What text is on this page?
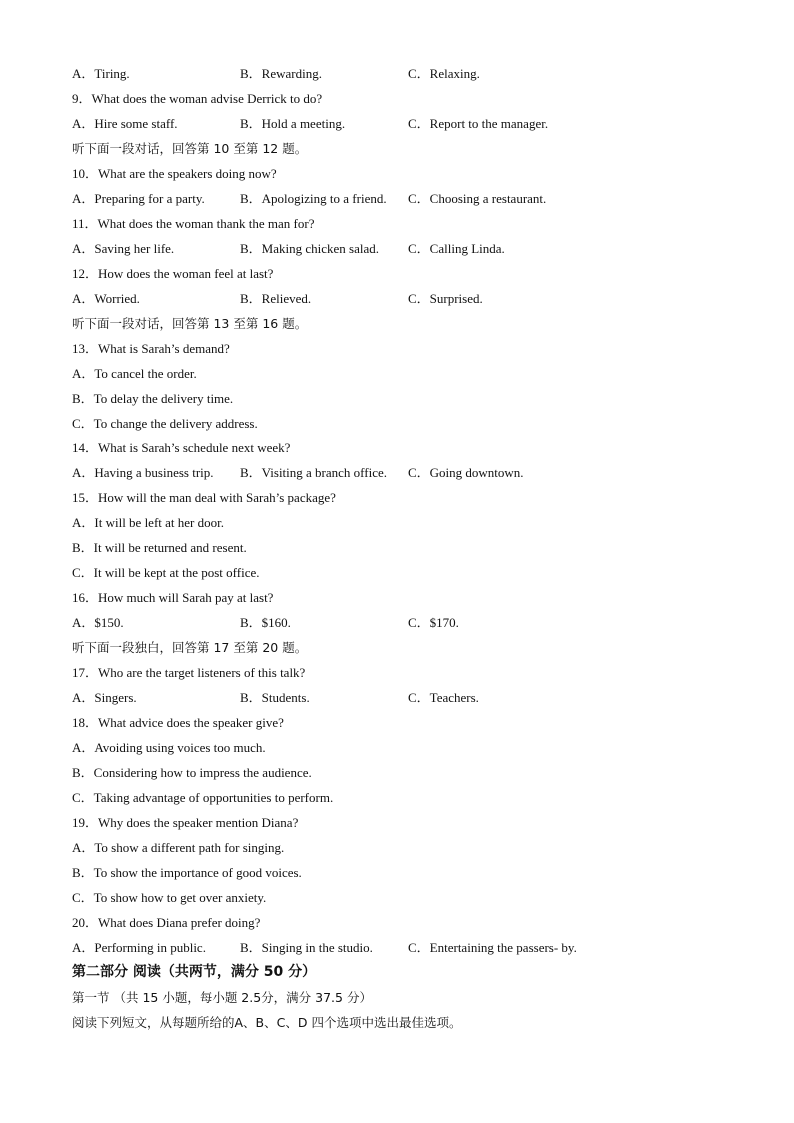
A．Tiring.	B．Rewarding.	C．Relaxing.
9．What does the woman advise Derrick to do?
A．Hire some staff.	B．Hold a meeting.	C．Report to the manager.
听下面一段对话，回答第 10 至第 12 题。
10．What are the speakers doing now?
A．Preparing for a party.	B．Apologizing to a friend. C．Choosing a restaurant.
11．What does the woman thank the man for?
A．Saving her life.	B．Making chicken salad. C．Calling Linda.
12．How does the woman feel at last?
A．Worried.	B．Relieved.	C．Surprised.
听下面一段对话，回答第 13 至第 16 题。
13．What is Sarah’s demand?
A．To cancel the order.
B．To delay the delivery time.
C．To change the delivery address.
14．What is Sarah’s schedule next week?
A．Having a business trip. B．Visiting a branch office. C．Going downtown.
15．How will the man deal with Sarah’s package?
A．It will be left at her door.
B．It will be returned and resent.
C．It will be kept at the post office.
16．How much will Sarah pay at last?
A．$150.	B．$160.	C．$170.
听下面一段独白，回答第 17 至第 20 题。
17．Who are the target listeners of this talk?
A．Singers.	B．Students.	C．Teachers.
18．What advice does the speaker give?
A．Avoiding using voices too much.
B．Considering how to impress the audience.
C．Taking advantage of opportunities to perform.
19．Why does the speaker mention Diana?
A．To show a different path for singing.
B．To show the importance of good voices.
C．To show how to get over anxiety.
20．What does Diana prefer doing?
A．Performing in public.	B．Singing in the studio.	C．Entertaining the passers- by.
第二部分 阅读（共两节，满分 50 分）
第一节 （共 15 小题，每小题 2.5分，满分 37.5 分）
阅读下列短文，从每题所给的A、B、C、D 四个选项中选出最佳选项。
